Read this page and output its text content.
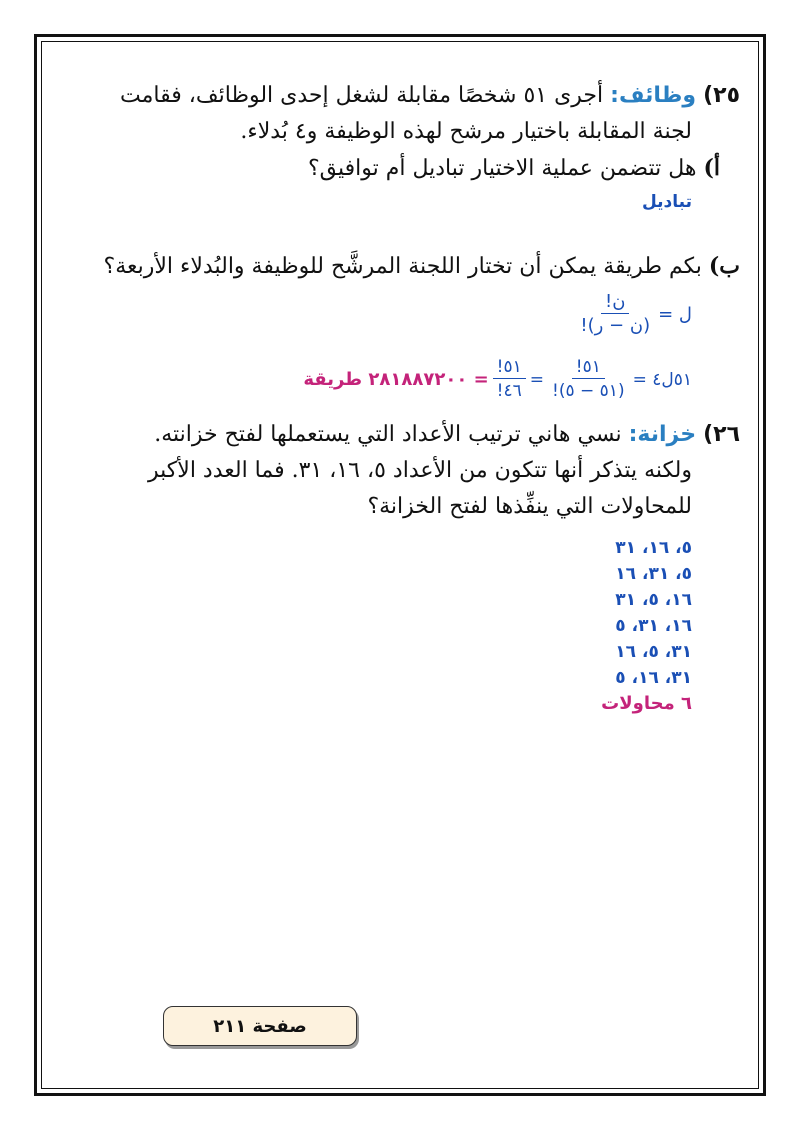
٢٥) وظائف: أجرى ٥١ شخصًا مقابلة لشغل إحدى الوظائف، فقامت
لجنة المقابلة باختيار مرشح لهذه الوظيفة و٤ بُدلاء.
أ) هل تتضمن عملية الاختيار تباديل أم توافيق؟
تباديل
ب) بكم طريقة يمكن أن تختار اللجنة المرشَّح للوظيفة والبُدلاء الأربعة؟
ل =
$\frac{\text{ن!}}{\text{(ن − ر)!}}$
٥١ل٤ =
$\frac{٥١!}{(٥١ - ٥)!}$
=
$\frac{٥١!}{٤٦!}$
= ٢٨١٨٨٧٢٠٠ طريقة
٢٦) خزانة: نسي هاني ترتيب الأعداد التي يستعملها لفتح خزانته.
ولكنه يتذكر أنها تتكون من الأعداد ٥، ١٦، ٣١. فما العدد الأكبر
للمحاولات التي ينفِّذها لفتح الخزانة؟
٥، ١٦، ٣١
٥، ٣١، ١٦
١٦، ٥، ٣١
١٦، ٣١، ٥
٣١، ٥، ١٦
٣١، ١٦، ٥
٦ محاولات
صفحة ٢١١
